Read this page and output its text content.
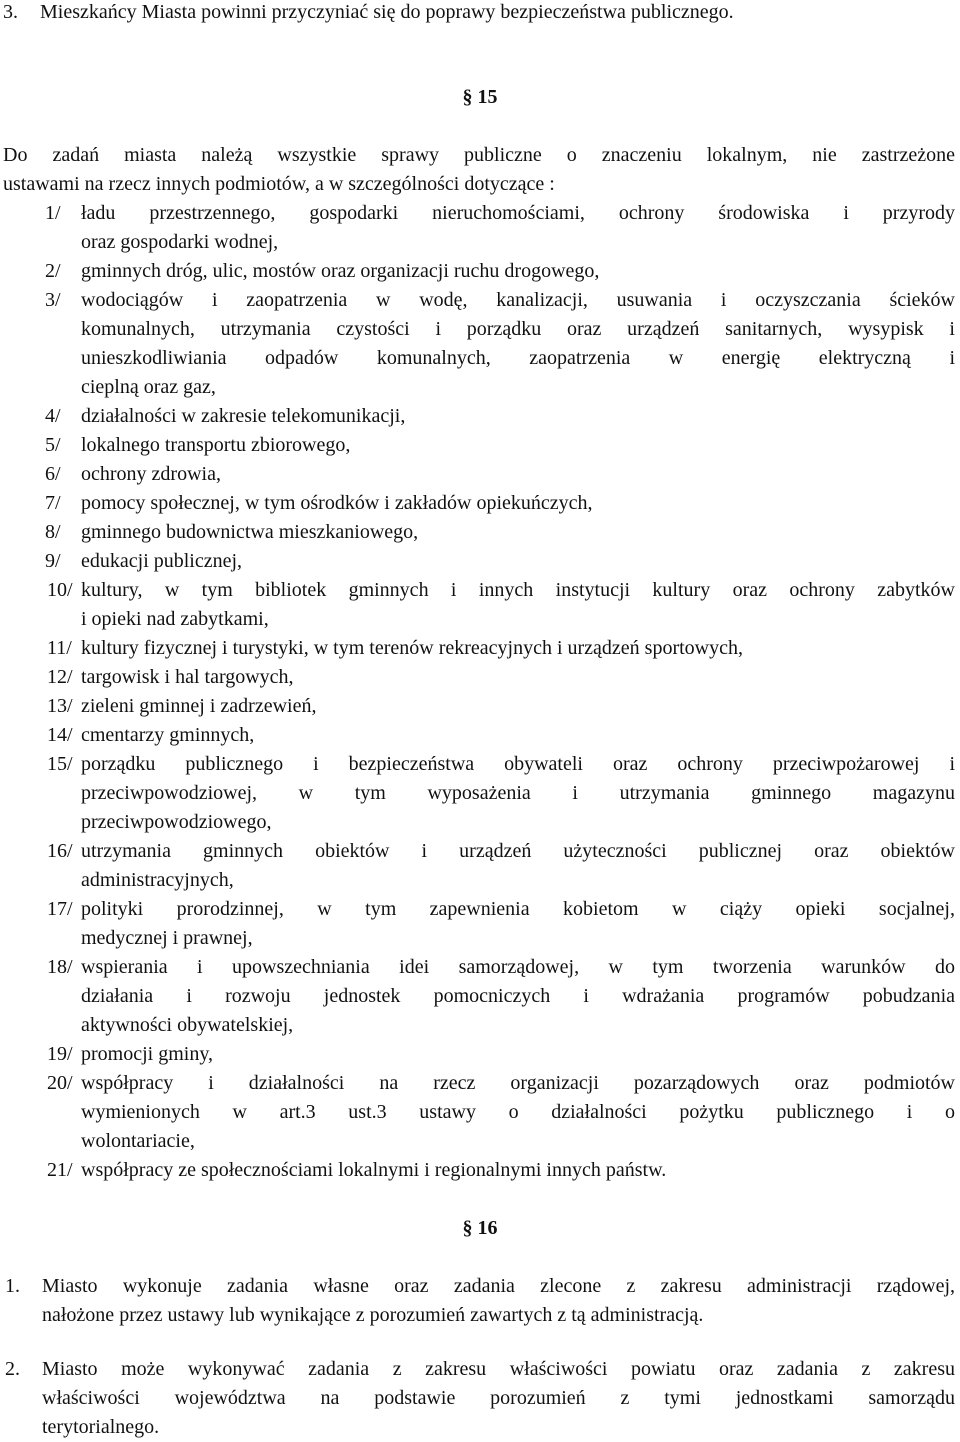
3. Mieszkańcy Miasta powinni przyczyniać się do poprawy bezpieczeństwa publicznego.
§ 15
Do zadań miasta należą wszystkie sprawy publiczne o znaczeniu lokalnym, nie zastrzeżone
ustawami na rzecz innych podmiotów, a w szczególności dotyczące :
1/ ładu przestrzennego, gospodarki nieruchomościami, ochrony środowiska i przyrody
oraz gospodarki wodnej,
2/ gminnych dróg, ulic, mostów oraz organizacji ruchu drogowego,
3/ wodociągów i zaopatrzenia w wodę, kanalizacji, usuwania i oczyszczania ścieków
komunalnych, utrzymania czystości i porządku oraz urządzeń sanitarnych, wysypisk i
unieszkodliwiania odpadów komunalnych, zaopatrzenia w energię elektryczną i
cieplną oraz gaz,
4/ działalności w zakresie telekomunikacji,
5/ lokalnego transportu zbiorowego,
6/ ochrony zdrowia,
7/ pomocy społecznej, w tym ośrodków i zakładów opiekuńczych,
8/ gminnego budownictwa mieszkaniowego,
9/ edukacji publicznej,
10/ kultury, w tym bibliotek gminnych i innych instytucji kultury oraz ochrony zabytków
i opieki nad zabytkami,
11/ kultury fizycznej i turystyki, w tym terenów rekreacyjnych i urządzeń sportowych,
12/ targowisk i hal targowych,
13/ zieleni gminnej i zadrzewień,
14/ cmentarzy gminnych,
15/ porządku publicznego i bezpieczeństwa obywateli oraz ochrony przeciwpożarowej i
przeciwpowodziowej, w tym wyposażenia i utrzymania gminnego magazynu
przeciwpowodziowego,
16/ utrzymania gminnych obiektów i urządzeń użyteczności publicznej oraz obiektów
administracyjnych,
17/ polityki prorodzinnej, w tym zapewnienia kobietom w ciąży opieki socjalnej,
medycznej i prawnej,
18/ wspierania i upowszechniania idei samorządowej, w tym tworzenia warunków do
działania i rozwoju jednostek pomocniczych i wdrażania programów pobudzania
aktywności obywatelskiej,
19/ promocji gminy,
20/ współpracy i działalności na rzecz organizacji pozarządowych oraz podmiotów
wymienionych w art.3 ust.3 ustawy o działalności pożytku publicznego i o
wolontariacie,
21/ współpracy ze społecznościami lokalnymi i regionalnymi innych państw.
§ 16
1. Miasto wykonuje zadania własne oraz zadania zlecone z zakresu administracji rządowej,
nałożone przez ustawy lub wynikające z porozumień zawartych z tą administracją.
2. Miasto może wykonywać zadania z zakresu właściwości powiatu oraz zadania z zakresu
właściwości województwa na podstawie porozumień z tymi jednostkami samorządu
terytorialnego.
